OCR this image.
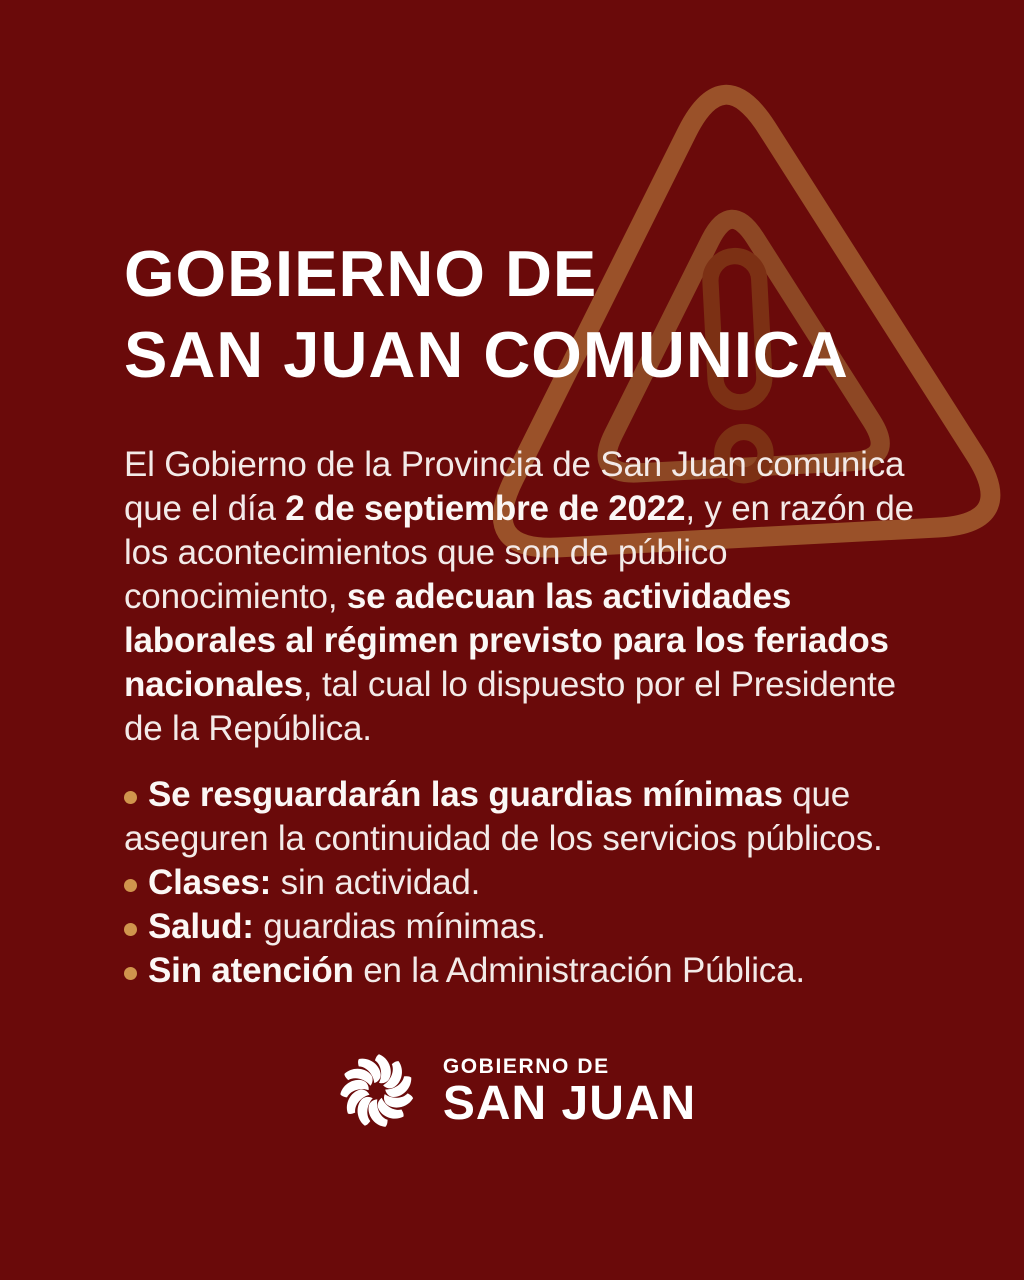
GOBIERNO DE
SAN JUAN COMUNICA

El Gobierno de la Provincia de San Juan comunica que el día 2 de septiembre de 2022, y en razón de los acontecimientos que son de público conocimiento, se adecuan las actividades laborales al régimen previsto para los feriados nacionales, tal cual lo dispuesto por el Presidente de la República.

Se resguardarán las guardias mínimas que aseguren la continuidad de los servicios públicos.
Clases: sin actividad.
Salud: guardias mínimas.
Sin atención en la Administración Pública.
GOBIERNO DE
SAN JUAN
